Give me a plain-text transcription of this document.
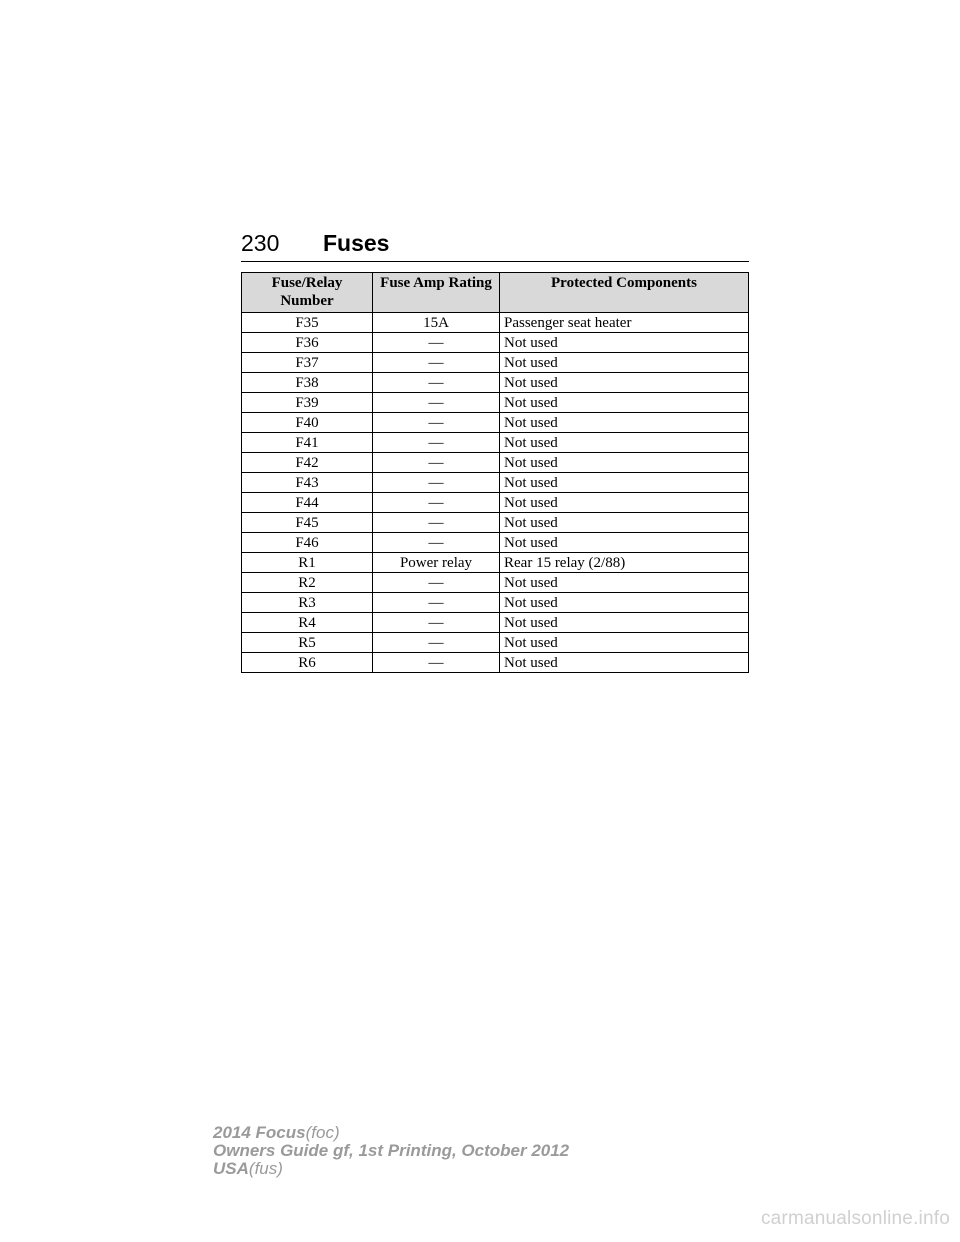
230 Fuses
Fuse/Relay Number	Fuse Amp Rating	Protected Components
F35	15A	Passenger seat heater
F36	—	Not used
F37	—	Not used
F38	—	Not used
F39	—	Not used
F40	—	Not used
F41	—	Not used
F42	—	Not used
F43	—	Not used
F44	—	Not used
F45	—	Not used
F46	—	Not used
R1	Power relay	Rear 15 relay (2/88)
R2	—	Not used
R3	—	Not used
R4	—	Not used
R5	—	Not used
R6	—	Not used
2014 Focus(foc)
Owners Guide gf, 1st Printing, October 2012
USA(fus)
carmanualsonline.info
